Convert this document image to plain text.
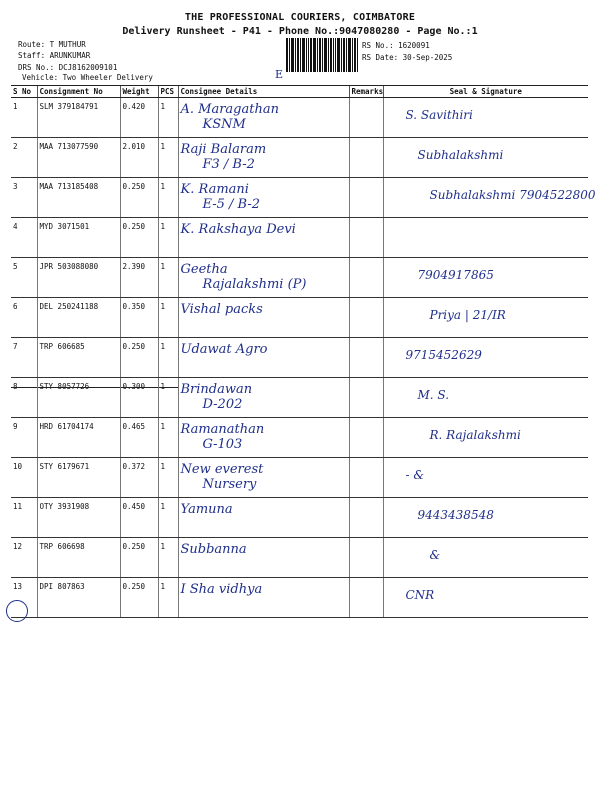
THE PROFESSIONAL COURIERS, COIMBATORE
Delivery Runsheet - P41 - Phone No.:9047080280 - Page No.:1
Route: T MUTHUR
Staff: ARUNKUMAR
DRS No.: DCJ8162009101
Vehicle: Two Wheeler Delivery
RS No.: 1620091
RS Date: 30-Sep-2025
E
S No	Consignment No	Weight	PCS	Consignee Details	Remarks	Seal & Signature
1	SLM 379184791	0.420	1	A. Maragathan
KSNM		S. Savithiri

2	MAA 713077590	2.010	1	Raji Balaram
F3 / B-2		Subhalakshmi

3	MAA 713185408	0.250	1	K. Ramani
E-5 / B-2		Subhalakshmi 7904522800

4	MYD 3071501	0.250	1	K. Rakshaya Devi		

5	JPR 503088080	2.390	1	Geetha
Rajalakshmi (P)		7904917865

6	DEL 250241188	0.350	1	Vishal packs		Priya | 21/IR

7	TRP 606685	0.250	1	Udawat Agro		9715452629

8	STY 8057726	0.300	1	Brindawan
D-202		M. S.

9	HRD 61704174	0.465	1	Ramanathan
G-103		R. Rajalakshmi

10	STY 6179671	0.372	1	New everest
Nursery		- &

11	OTY 3931908	0.450	1	Yamuna		9443438548

12	TRP 606698	0.250	1	Subbanna		&

13	DPI 807863	0.250	1	I Sha vidhya		CNR
